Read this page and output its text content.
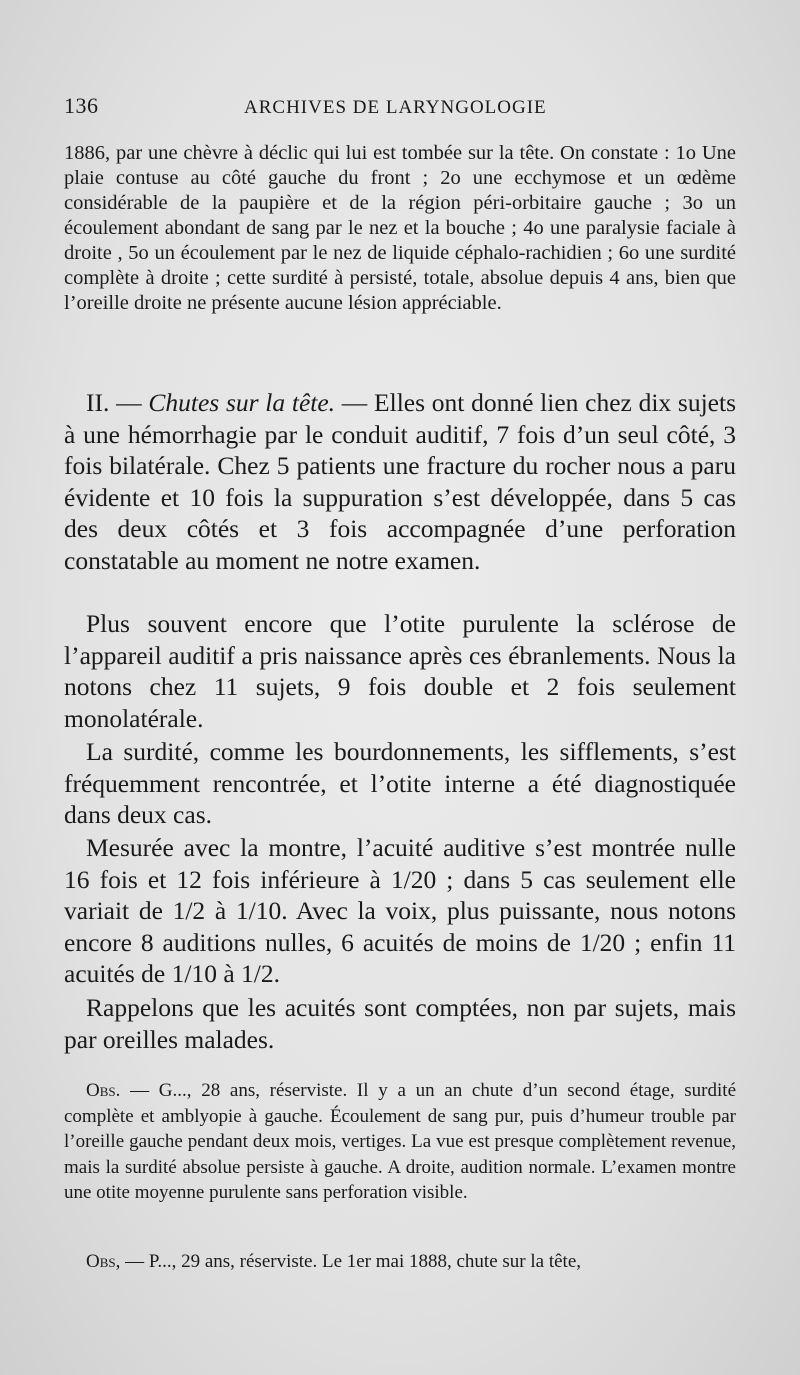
136	ARCHIVES DE LARYNGOLOGIE

1886, par une chèvre à déclic qui lui est tombée sur la tête. On constate : 1o Une plaie contuse au côté gauche du front ; 2o une ecchymose et un œdème considérable de la paupière et de la région péri-orbitaire gauche ; 3o un écoulement abondant de sang par le nez et la bouche ; 4o une paralysie faciale à droite , 5o un écoulement par le nez de liquide céphalo-rachidien ; 6o une surdité complète à droite ; cette surdité à persisté, totale, absolue depuis 4 ans, bien que l’oreille droite ne présente aucune lésion appréciable.

II. — Chutes sur la tête. — Elles ont donné lien chez dix sujets à une hémorrhagie par le conduit auditif, 7 fois d’un seul côté, 3 fois bilatérale. Chez 5 patients une fracture du rocher nous a paru évidente et 10 fois la suppuration s’est développée, dans 5 cas des deux côtés et 3 fois accompagnée d’une perforation constatable au moment ne notre examen.

Plus souvent encore que l’otite purulente la sclérose de l’appareil auditif a pris naissance après ces ébranlements. Nous la notons chez 11 sujets, 9 fois double et 2 fois seulement monolatérale.

La surdité, comme les bourdonnements, les sifflements, s’est fréquemment rencontrée, et l’otite interne a été diagnostiquée dans deux cas.

Mesurée avec la montre, l’acuité auditive s’est montrée nulle 16 fois et 12 fois inférieure à 1/20 ; dans 5 cas seulement elle variait de 1/2 à 1/10. Avec la voix, plus puissante, nous notons encore 8 auditions nulles, 6 acuités de moins de 1/20 ; enfin 11 acuités de 1/10 à 1/2.

Rappelons que les acuités sont comptées, non par sujets, mais par oreilles malades.

Obs. — G..., 28 ans, réserviste. Il y a un an chute d’un second étage, surdité complète et amblyopie à gauche. Écoulement de sang pur, puis d’humeur trouble par l’oreille gauche pendant deux mois, vertiges. La vue est presque complètement revenue, mais la surdité absolue persiste à gauche. A droite, audition normale. L’examen montre une otite moyenne purulente sans perforation visible.

Obs, — P..., 29 ans, réserviste. Le 1er mai 1888, chute sur la tête,
